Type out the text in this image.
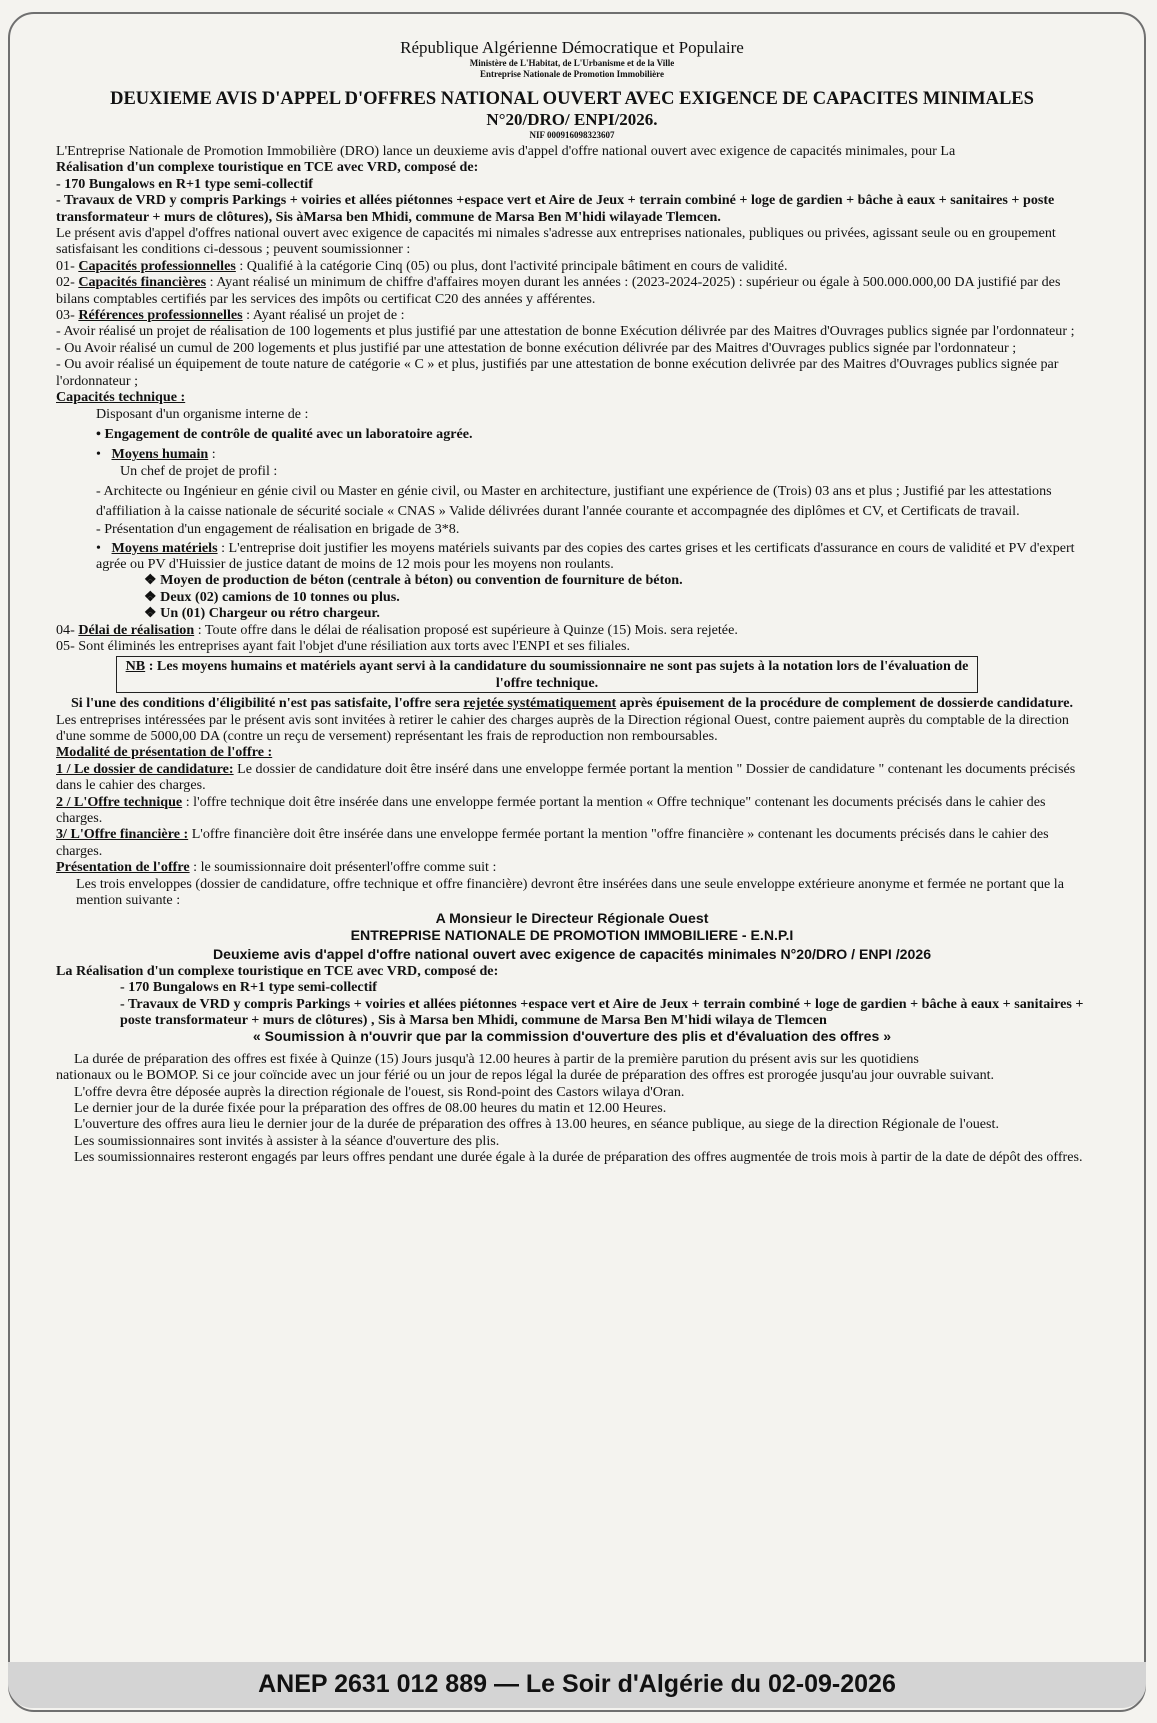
République Algérienne Démocratique et Populaire

Ministère de L'Habitat, de L'Urbanisme et de la Ville

Entreprise Nationale de Promotion Immobilière

DEUXIEME AVIS D'APPEL D'OFFRES NATIONAL OUVERT AVEC EXIGENCE DE CAPACITES MINIMALES

N°20/DRO/ ENPI/2026.

NIF 000916098323607

L'Entreprise Nationale de Promotion Immobilière (DRO) lance un deuxieme avis d'appel d'offre national ouvert avec exigence de capacités minimales, pour La

Réalisation d'un complexe touristique en TCE avec VRD, composé de:

- 170 Bungalows en R+1 type semi-collectif

- Travaux de VRD y compris Parkings + voiries et allées piétonnes +espace vert et Aire de Jeux + terrain combiné + loge de gardien + bâche à eaux + sanitaires + poste transformateur + murs de clôtures), Sis àMarsa ben Mhidi, commune de Marsa Ben M'hidi wilayade Tlemcen.

Le présent avis d'appel d'offres national ouvert avec exigence de capacités mi nimales s'adresse aux entreprises nationales, publiques ou privées, agissant seule ou en groupement satisfaisant les conditions ci-dessous ; peuvent soumissionner :

01- Capacités professionnelles : Qualifié à la catégorie Cinq (05) ou plus, dont l'activité principale bâtiment en cours de validité.

02- Capacités financières : Ayant réalisé un minimum de chiffre d'affaires moyen durant les années : (2023-2024-2025) : supérieur ou égale à 500.000.000,00 DA justifié par des bilans comptables certifiés par les services des impôts ou certificat C20 des années y afférentes.

03- Références professionnelles : Ayant réalisé un projet de :

- Avoir réalisé un projet de réalisation de 100 logements et plus justifié par une attestation de bonne Exécution délivrée par des Maitres d'Ouvrages publics signée par l'ordonnateur ;

- Ou Avoir réalisé un cumul de 200 logements et plus justifié par une attestation de bonne exécution délivrée par des Maitres d'Ouvrages publics signée par l'ordonnateur ;

- Ou avoir réalisé un équipement de toute nature de catégorie « C » et plus, justifiés par une attestation de bonne exécution delivrée par des Maitres d'Ouvrages publics signée par l'ordonnateur ;

Capacités technique :

Disposant d'un organisme interne de :

• Engagement de contrôle de qualité avec un laboratoire agrée.

• Moyens humain :

Un chef de projet de profil :

- Architecte ou Ingénieur en génie civil ou Master en génie civil, ou Master en architecture, justifiant une expérience de (Trois) 03 ans et plus ; Justifié par les attestations d'affiliation à la caisse nationale de sécurité sociale « CNAS » Valide délivrées durant l'année courante et accompagnée des diplômes et CV, et Certificats de travail.

- Présentation d'un engagement de réalisation en brigade de 3*8.

• Moyens matériels : L'entreprise doit justifier les moyens matériels suivants par des copies des cartes grises et les certificats d'assurance en cours de validité et PV d'expert agrée ou PV d'Huissier de justice datant de moins de 12 mois pour les moyens non roulants.

❖ Moyen de production de béton (centrale à béton) ou convention de fourniture de béton.

❖ Deux (02) camions de 10 tonnes ou plus.

❖ Un (01) Chargeur ou rétro chargeur.

04- Délai de réalisation : Toute offre dans le délai de réalisation proposé est supérieure à Quinze (15) Mois. sera rejetée.

05- Sont éliminés les entreprises ayant fait l'objet d'une résiliation aux torts avec l'ENPI et ses filiales.

NB : Les moyens humains et matériels ayant servi à la candidature du soumissionnaire ne sont pas sujets à la notation lors de l'évaluation de l'offre technique.

Si l'une des conditions d'éligibilité n'est pas satisfaite, l'offre sera rejetée systématiquement après épuisement de la procédure de complement de dossierde candidature.

Les entreprises intéressées par le présent avis sont invitées à retirer le cahier des charges auprès de la Direction régional Ouest, contre paiement auprès du comptable de la direction d'une somme de 5000,00 DA (contre un reçu de versement) représentant les frais de reproduction non remboursables.

Modalité de présentation de l'offre :

1 / Le dossier de candidature: Le dossier de candidature doit être inséré dans une enveloppe fermée portant la mention " Dossier de candidature " contenant les documents précisés dans le cahier des charges.

2 / L'Offre technique : l'offre technique doit être insérée dans une enveloppe fermée portant la mention « Offre technique" contenant les documents précisés dans le cahier des charges.

3/ L'Offre financière : L'offre financière doit être insérée dans une enveloppe fermée portant la mention "offre financière » contenant les documents précisés dans le cahier des charges.

Présentation de l'offre : le soumissionnaire doit présenterl'offre comme suit :

Les trois enveloppes (dossier de candidature, offre technique et offre financière) devront être insérées dans une seule enveloppe extérieure anonyme et fermée ne portant que la mention suivante :

A Monsieur le Directeur Régionale Ouest

ENTREPRISE NATIONALE DE PROMOTION IMMOBILIERE - E.N.P.I

Deuxieme avis d'appel d'offre national ouvert avec exigence de capacités minimales N°20/DRO / ENPI /2026

La Réalisation d'un complexe touristique en TCE avec VRD, composé de:

- 170 Bungalows en R+1 type semi-collectif

- Travaux de VRD y compris Parkings + voiries et allées piétonnes +espace vert et Aire de Jeux + terrain combiné + loge de gardien + bâche à eaux + sanitaires + poste transformateur + murs de clôtures) , Sis à Marsa ben Mhidi, commune de Marsa Ben M'hidi wilaya de Tlemcen

« Soumission à n'ouvrir que par la commission d'ouverture des plis et d'évaluation des offres »

La durée de préparation des offres est fixée à Quinze (15) Jours jusqu'à 12.00 heures à partir de la première parution du présent avis sur les quotidiens

nationaux ou le BOMOP. Si ce jour coïncide avec un jour férié ou un jour de repos légal la durée de préparation des offres est prorogée jusqu'au jour ouvrable suivant.

L'offre devra être déposée auprès la direction régionale de l'ouest, sis Rond-point des Castors wilaya d'Oran.

Le dernier jour de la durée fixée pour la préparation des offres de 08.00 heures du matin et 12.00 Heures.

L'ouverture des offres aura lieu le dernier jour de la durée de préparation des offres à 13.00 heures, en séance publique, au siege de la direction Régionale de l'ouest.

Les soumissionnaires sont invités à assister à la séance d'ouverture des plis.

Les soumissionnaires resteront engagés par leurs offres pendant une durée égale à la durée de préparation des offres augmentée de trois mois à partir de la date de dépôt des offres.

ANEP 2631 012 889 — Le Soir d'Algérie du 02-09-2026
